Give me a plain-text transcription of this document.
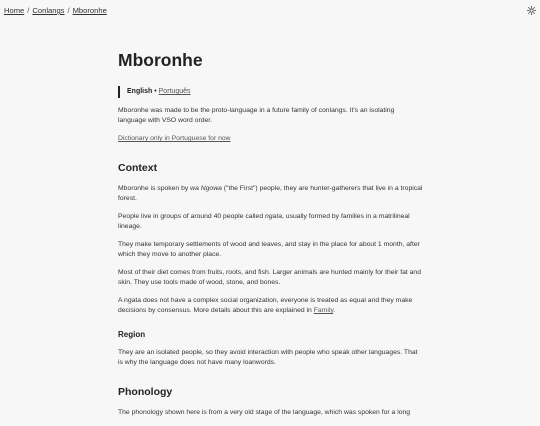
Home / Conlangs / Mboronhe
Mboronhe
English • Português

Mboronhe was made to be the proto-language in a future family of conlangs. It's an isolating language with VSO word order.

Dictionary only in Portuguese for now

Context

Mboronhe is spoken by wa Ngowa ("the First") people, they are hunter-gatherers that live in a tropical forest.

People live in groups of around 40 people called ngata, usually formed by families in a matrilineal lineage.

They make temporary settlements of wood and leaves, and stay in the place for about 1 month, after which they move to another place.

Most of their diet comes from fruits, roots, and fish. Larger animals are hunted mainly for their fat and skin. They use tools made of wood, stone, and bones.

A ngata does not have a complex social organization, everyone is treated as equal and they make decisions by consensus. More details about this are explained in Family.

Region

They are an isolated people, so they avoid interaction with people who speak other languages. That is why the language does not have many loanwords.

Phonology

The phonology shown here is from a very old stage of the language, which was spoken for a long
